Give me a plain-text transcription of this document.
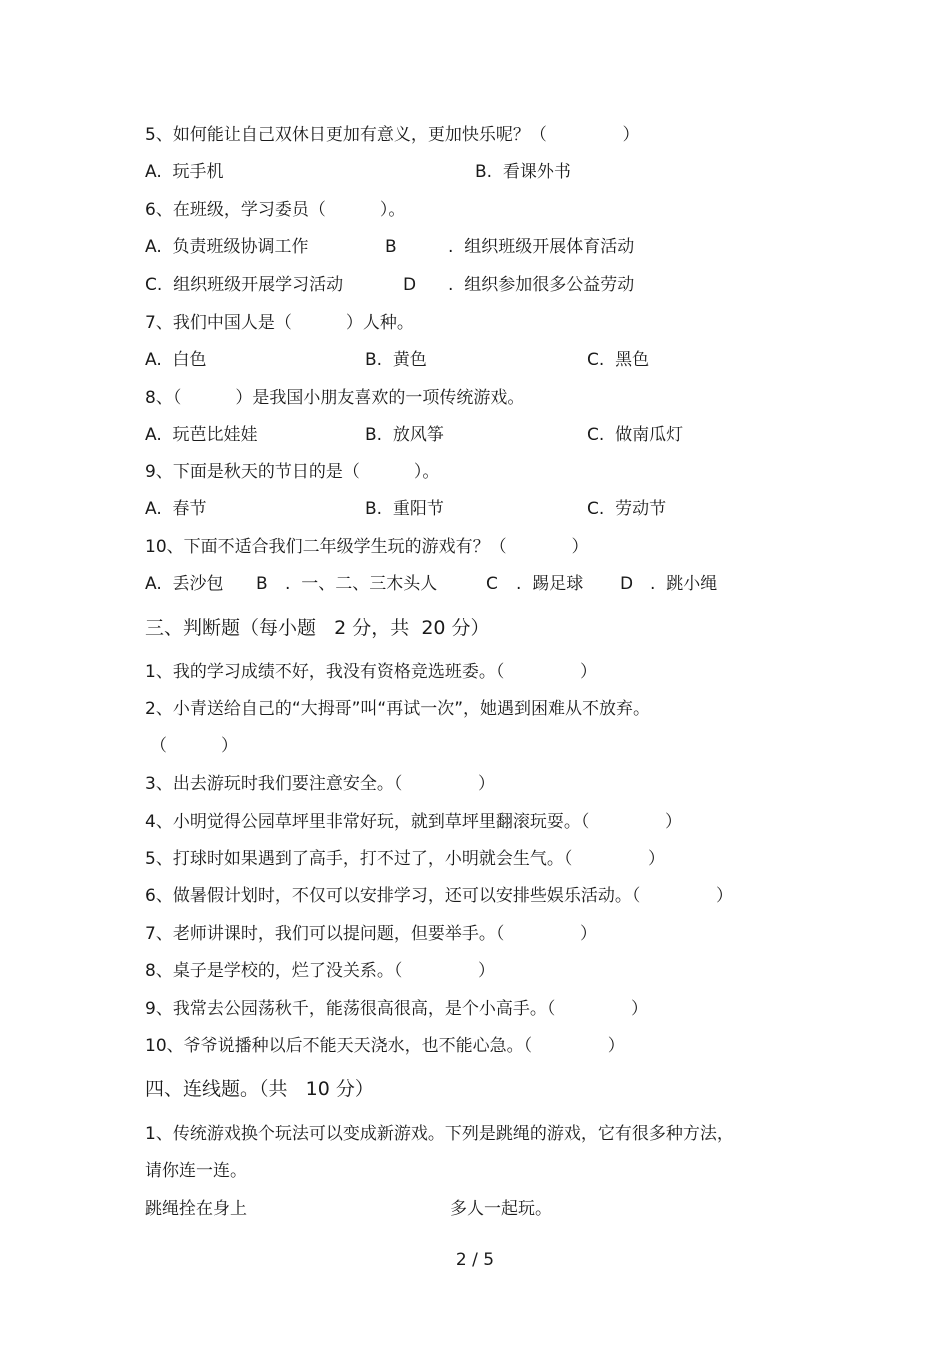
5、如何能让自己双休日更加有意义，更加快乐呢？（              ）
A.  玩手机	B.  看课外书
6、在班级，学习委员（          ）。
A.  负责班级协调工作	B	.  组织班级开展体育活动
C.  组织班级开展学习活动	D .  组织参加很多公益劳动
7、我们中国人是（          ）人种。
A.  白色	B.  黄色	C.  黑色
8、（          ）是我国小朋友喜欢的一项传统游戏。
A.  玩芭比娃娃	B.  放风筝	C.  做南瓜灯
9、下面是秋天的节日的是（          ）。
A.  春节	B.  重阳节	C.  劳动节
10、下面不适合我们二年级学生玩的游戏有？（            ）
A.  丢沙包 B .  一、二、三木头人	C .  踢足球 D .  跳小绳
三、判断题（每小题   2 分，共  20 分）
1、我的学习成绩不好，我没有资格竞选班委。（              ）
2、小青送给自己的“大拇哥”叫“再试一次”，她遇到困难从不放弃。
（          ）
3、出去游玩时我们要注意安全。（              ）
4、小明觉得公园草坪里非常好玩，就到草坪里翻滚玩耍。（              ）
5、打球时如果遇到了高手，打不过了，小明就会生气。（              ）
6、做暑假计划时，不仅可以安排学习，还可以安排些娱乐活动。（              ）
7、老师讲课时，我们可以提问题，但要举手。（              ）
8、桌子是学校的，烂了没关系。（              ）
9、我常去公园荡秋千，能荡很高很高，是个小高手。（              ）
10、爷爷说播种以后不能天天浇水，也不能心急。（              ）
四、连线题。（共   10 分）
1、传统游戏换个玩法可以变成新游戏。下列是跳绳的游戏，它有很多种方法，
请你连一连。
跳绳拴在身上	多人一起玩。
2 / 5
